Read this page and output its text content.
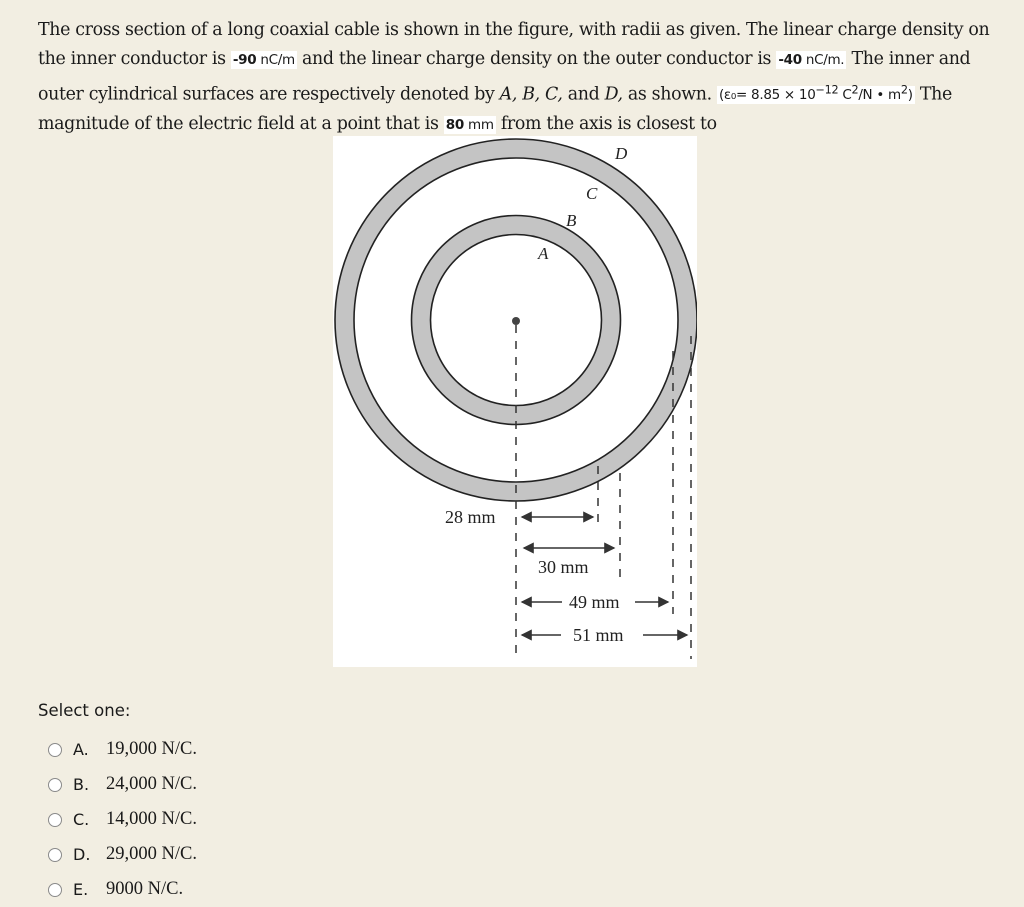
The cross section of a long coaxial cable is shown in the figure, with radii as given. The linear charge density on the inner conductor is -90 nC/m and the linear charge density on the outer conductor is -40 nC/m. The inner and outer cylindrical surfaces are respectively denoted by A, B, C, and D, as shown. ($\varepsilon_0= 8.85 \times 10^{-12}$ $C^2/N$ • $m^2$) The magnitude of the electric field at a point that is 80 mm from the axis is closest to
D
C
B
A
28 mm
30 mm
49 mm
51 mm
Select one:
A. 19,000 N/C.
B. 24,000 N/C.
C. 14,000 N/C.
D. 29,000 N/C.
E. 9000 N/C.
